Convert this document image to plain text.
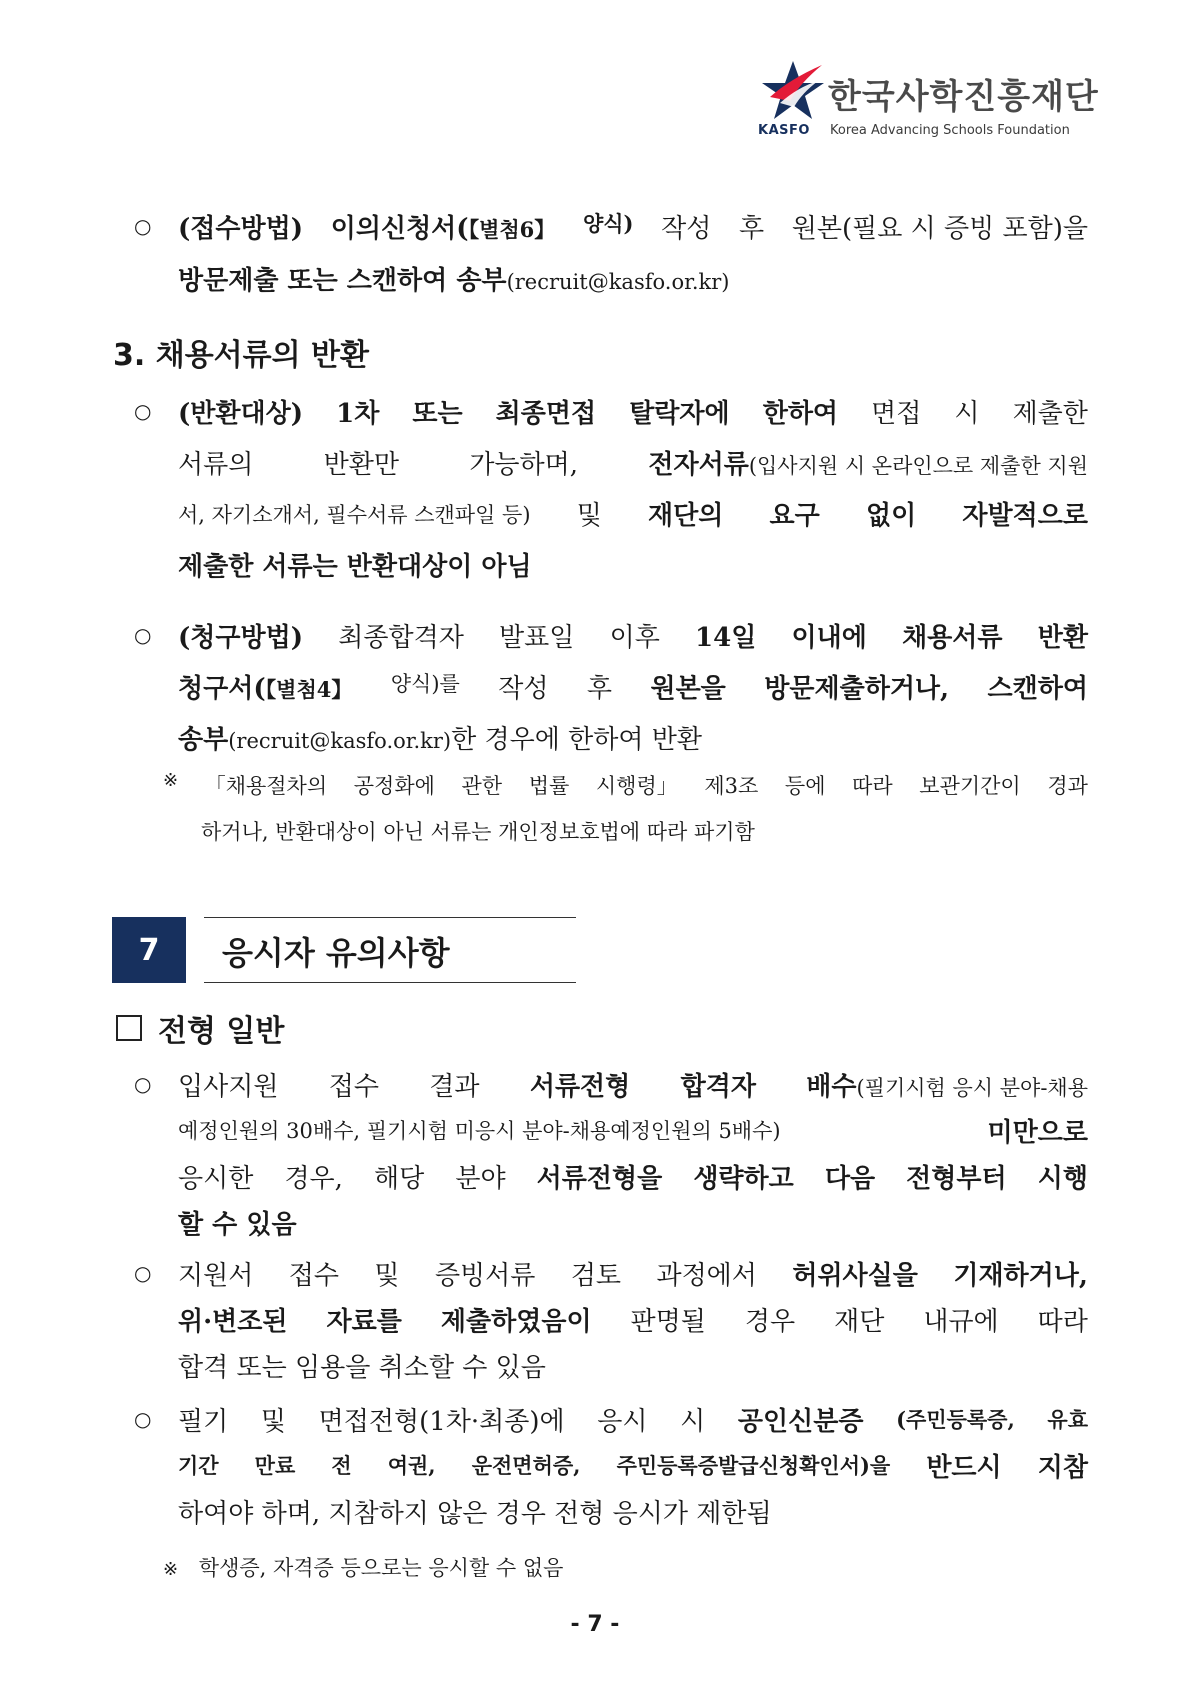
한국사학진흥재단
KASFO Korea Advancing Schools Foundation
○ (접수방법) 이의신청서(【별첨6】 양식) 작성 후 원본(필요 시 증빙 포함)을
방문제출 또는 스캔하여 송부(recruit@kasfo.or.kr)
3. 채용서류의 반환
○ (반환대상) 1차 또는 최종면접 탈락자에 한하여 면접 시 제출한
서류의	반환만	가능하며,	전자서류(입사지원 시 온라인으로 제출한 지원
서, 자기소개서, 필수서류 스캔파일 등) 및 재단의 요구 없이 자발적으로
제출한 서류는 반환대상이 아님
○ (청구방법) 최종합격자 발표일 이후 14일 이내에 채용서류 반환
청구서(【별첨4】 양식)를 작성 후 원본을 방문제출하거나, 스캔하여
송부(recruit@kasfo.or.kr)한 경우에 한하여 반환
※ 「채용절차의 공정화에 관한 법률 시행령」 제3조 등에 따라 보관기간이 경과
하거나, 반환대상이 아닌 서류는 개인정보호법에 따라 파기함
7	응시자 유의사항
전형 일반
○ 입사지원 접수 결과 서류전형 합격자 배수(필기시험 응시 분야-채용
예정인원의 30배수, 필기시험 미응시 분야-채용예정인원의 5배수)	미만으로
응시한 경우, 해당 분야 서류전형을 생략하고 다음 전형부터 시행
할 수 있음
○ 지원서 접수 및 증빙서류 검토 과정에서 허위사실을 기재하거나,
위·변조된 자료를 제출하였음이 판명될 경우 재단 내규에 따라
합격 또는 임용을 취소할 수 있음
○ 필기 및 면접전형(1차·최종)에 응시 시 공인신분증 (주민등록증, 유효
기간 만료 전 여권, 운전면허증, 주민등록증발급신청확인서)을 반드시 지참
하여야 하며, 지참하지 않은 경우 전형 응시가 제한됨
※ 학생증, 자격증 등으로는 응시할 수 없음
- 7 -
